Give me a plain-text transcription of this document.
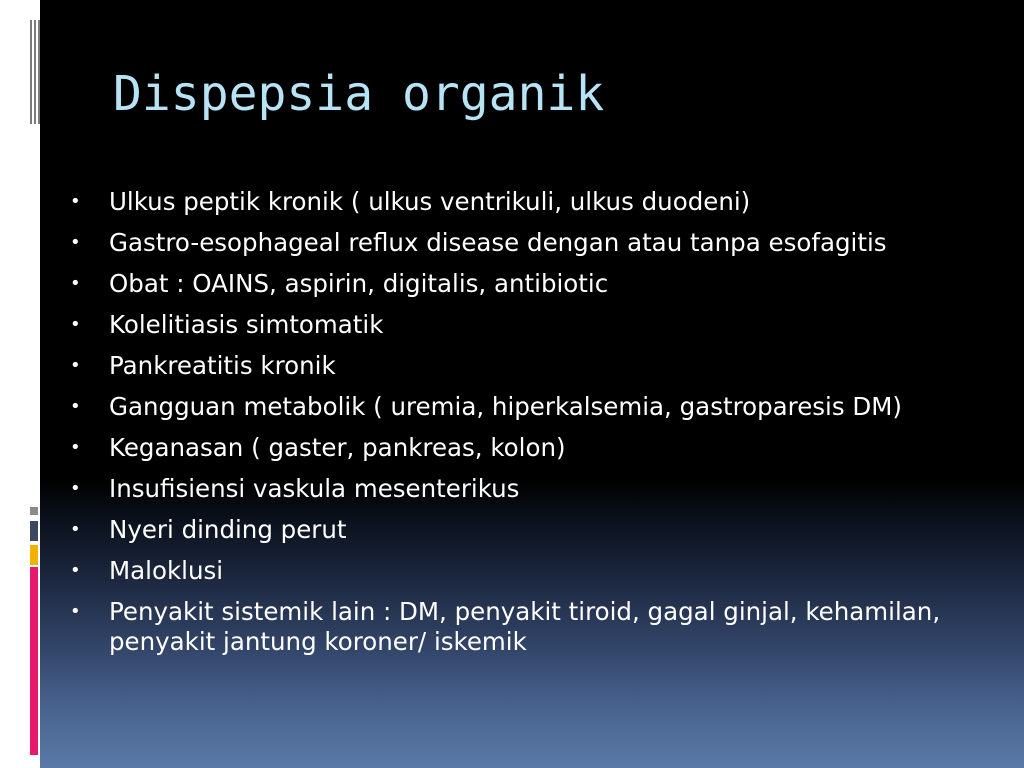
Dispepsia organik
•	Ulkus peptik kronik ( ulkus ventrikuli, ulkus duodeni)
•	Gastro-esophageal reflux disease dengan atau tanpa esofagitis
•	Obat : OAINS, aspirin, digitalis, antibiotic
•	Kolelitiasis simtomatik
•	Pankreatitis kronik
•	Gangguan metabolik ( uremia, hiperkalsemia, gastroparesis DM)
•	Keganasan ( gaster, pankreas, kolon)
•	Insufisiensi vaskula mesenterikus
•	Nyeri dinding perut
•	Maloklusi
•	Penyakit sistemik lain : DM, penyakit tiroid, gagal ginjal, kehamilan, penyakit jantung koroner/ iskemik
